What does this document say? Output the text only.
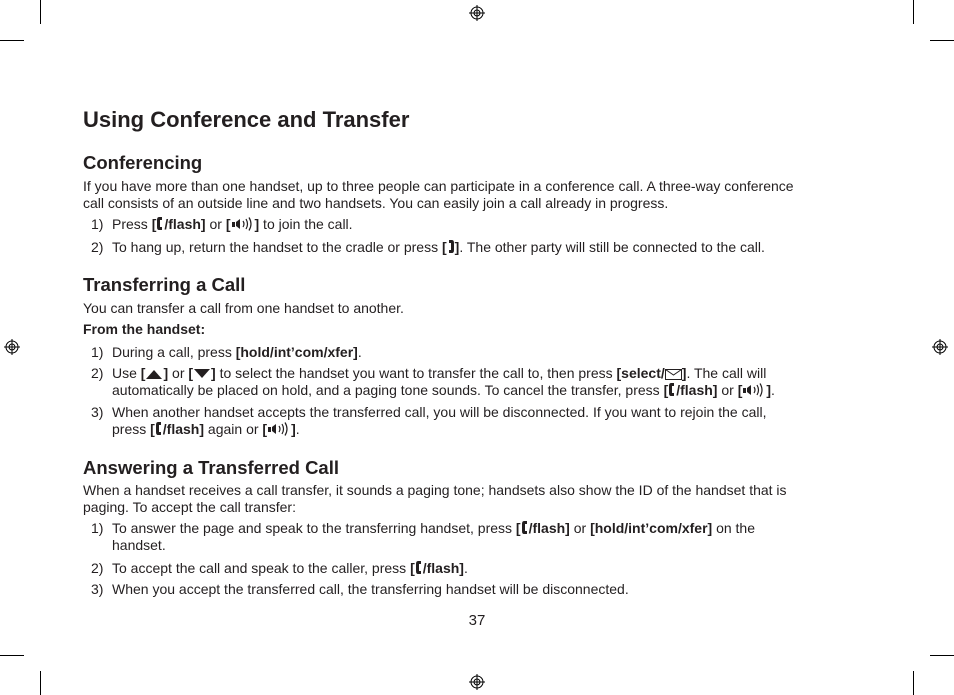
Using Conference and Transfer
Conferencing
If you have more than one handset, up to three people can participate in a conference call. A three-way conference
call consists of an outside line and two handsets. You can easily join a call already in progress.
1) Press [ /flash] or [ ] to join the call.
2) To hang up, return the handset to the cradle or press [ ]. The other party will still be connected to the call.
Transferring a Call
You can transfer a call from one handset to another.
From the handset:
1) During a call, press [hold/int’com/xfer].
2) Use [ ] or [ ] to select the handset you want to transfer the call to, then press [select/ ]. The call will
automatically be placed on hold, and a paging tone sounds. To cancel the transfer, press [ /flash] or [ ].
3) When another handset accepts the transferred call, you will be disconnected. If you want to rejoin the call,
press [ /flash] again or [ ].
Answering a Transferred Call
When a handset receives a call transfer, it sounds a paging tone; handsets also show the ID of the handset that is
paging. To accept the call transfer:
1) To answer the page and speak to the transferring handset, press [ /flash] or [hold/int’com/xfer] on the
handset.
2) To accept the call and speak to the caller, press [ /flash].
3) When you accept the transferred call, the transferring handset will be disconnected.
37
